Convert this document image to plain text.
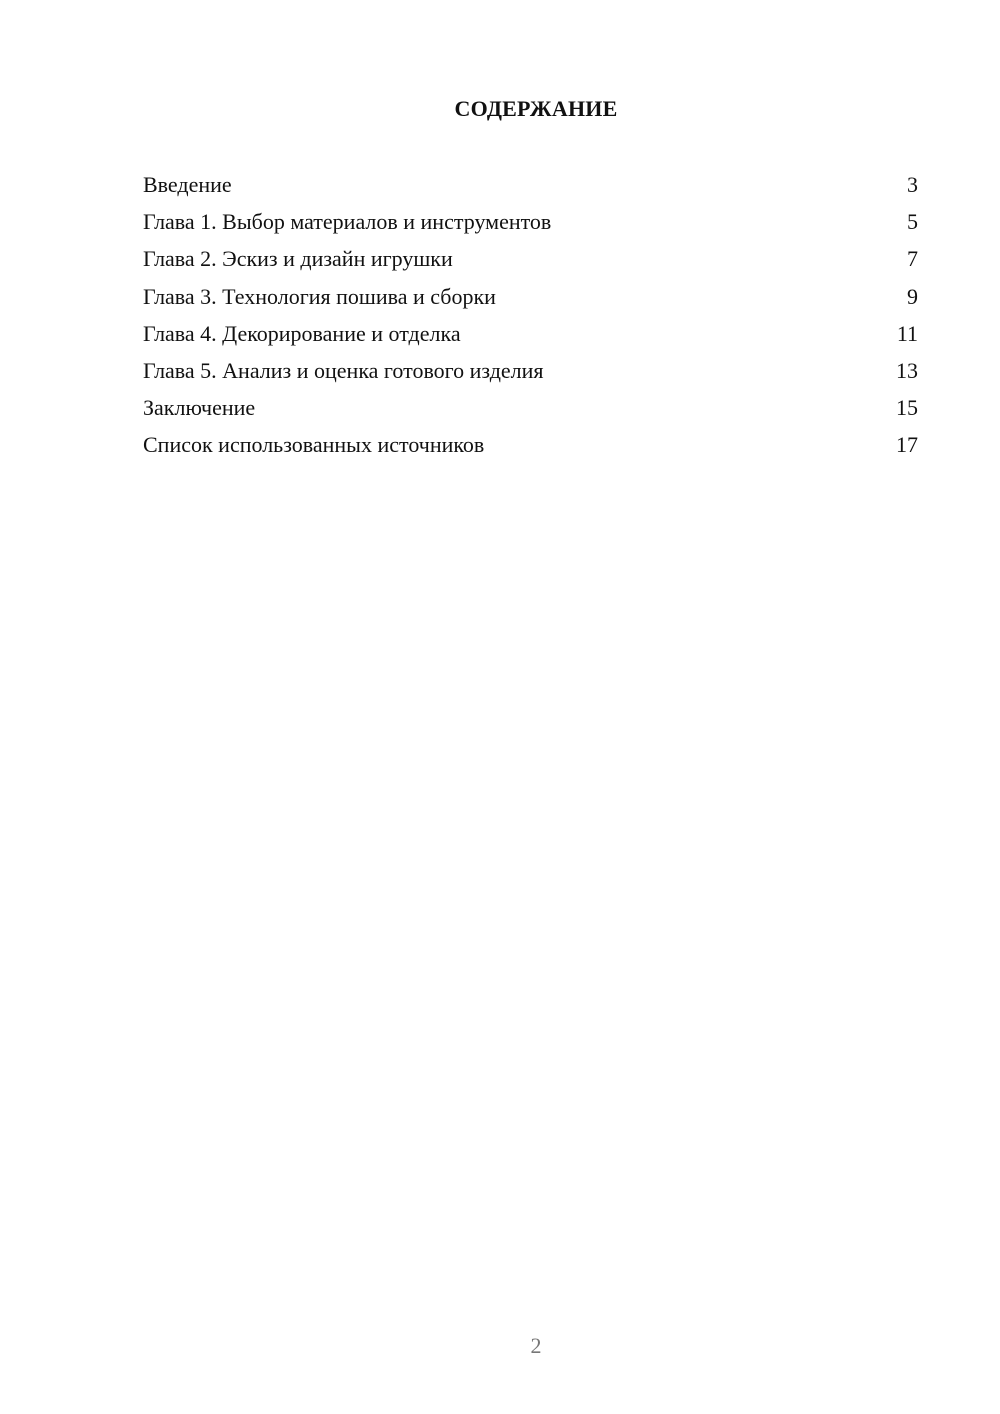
СОДЕРЖАНИЕ
Введение	3
Глава 1. Выбор материалов и инструментов	5
Глава 2. Эскиз и дизайн игрушки	7
Глава 3. Технология пошива и сборки	9
Глава 4. Декорирование и отделка	11
Глава 5. Анализ и оценка готового изделия	13
Заключение	15
Список использованных источников	17
2
